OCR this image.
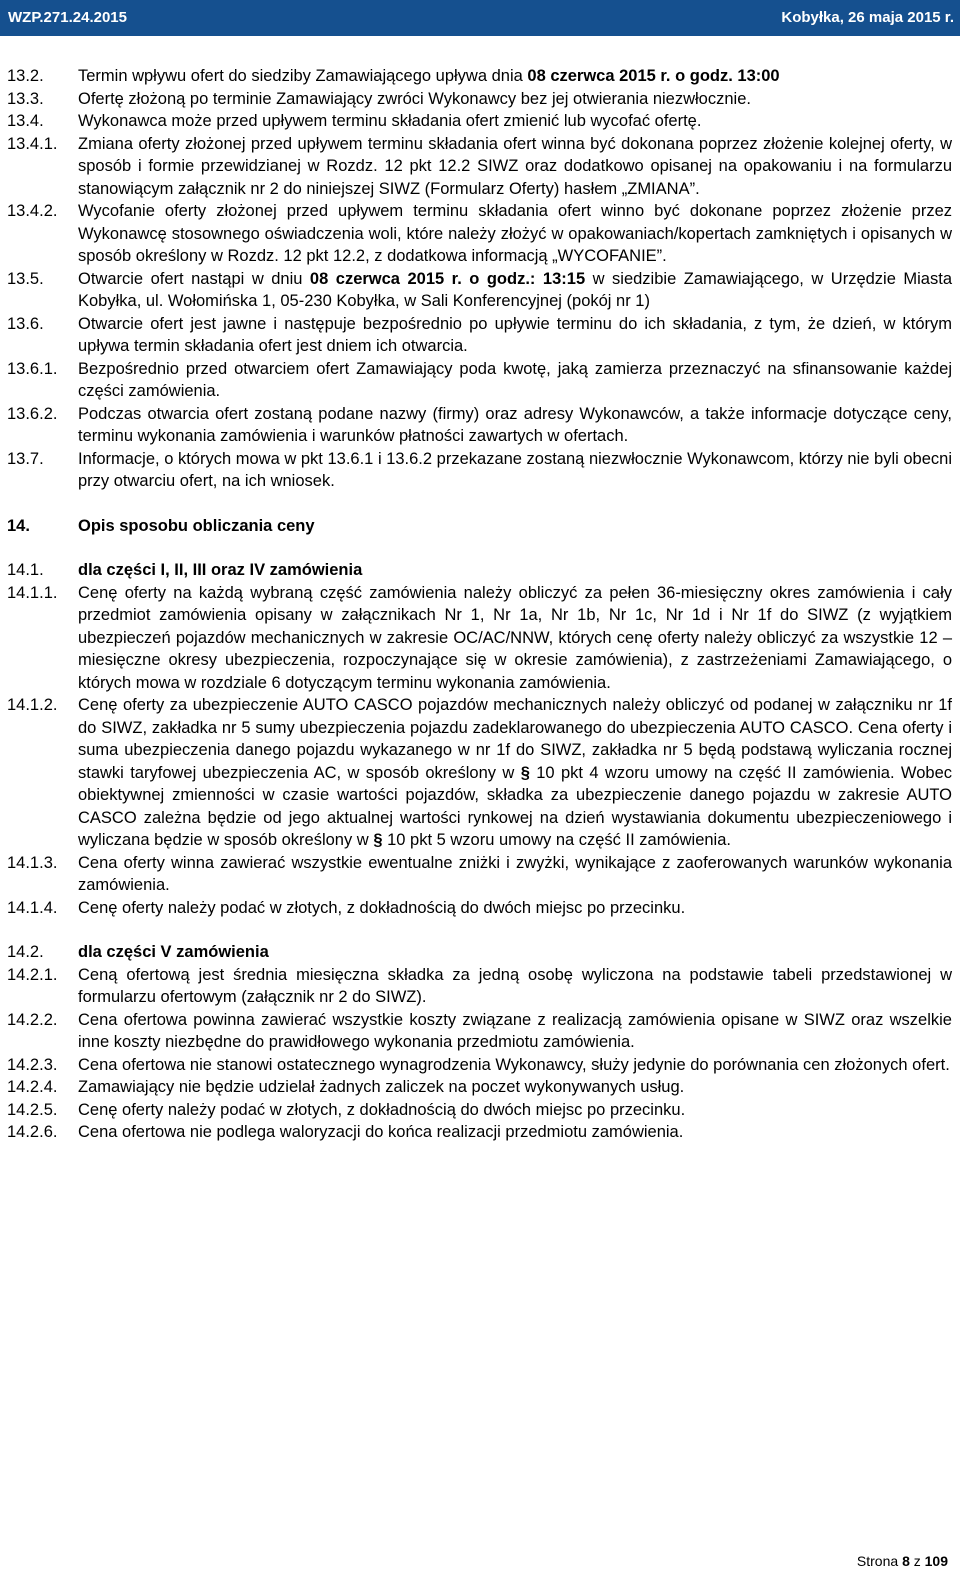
WZP.271.24.2015	Kobyłka, 26 maja 2015 r.
13.2.	Termin wpływu ofert do siedziby Zamawiającego upływa dnia 08 czerwca 2015 r. o godz. 13:00
13.3.	Ofertę złożoną po terminie Zamawiający zwróci Wykonawcy bez jej otwierania niezwłocznie.
13.4.	Wykonawca może przed upływem terminu składania ofert zmienić lub wycofać ofertę.
13.4.1.	Zmiana oferty złożonej przed upływem terminu składania ofert winna być dokonana poprzez złożenie kolejnej oferty, w sposób i formie przewidzianej w Rozdz. 12 pkt 12.2 SIWZ oraz dodatkowo opisanej na opakowaniu i na formularzu stanowiącym załącznik nr 2 do niniejszej SIWZ (Formularz Oferty) hasłem „ZMIANA”.
13.4.2.	Wycofanie oferty złożonej przed upływem terminu składania ofert winno być dokonane poprzez złożenie przez Wykonawcę stosownego oświadczenia woli, które należy złożyć w opakowaniach/kopertach zamkniętych i opisanych w sposób określony w Rozdz. 12 pkt 12.2, z dodatkowa informacją „WYCOFANIE”.
13.5.	Otwarcie ofert nastąpi w dniu 08 czerwca 2015 r. o godz.: 13:15 w siedzibie Zamawiającego, w Urzędzie Miasta Kobyłka, ul. Wołomińska 1, 05-230 Kobyłka, w Sali Konferencyjnej (pokój nr 1)
13.6.	Otwarcie ofert jest jawne i następuje bezpośrednio po upływie terminu do ich składania, z tym, że dzień, w którym upływa termin składania ofert jest dniem ich otwarcia.
13.6.1.	Bezpośrednio przed otwarciem ofert Zamawiający poda kwotę, jaką zamierza przeznaczyć na sfinansowanie każdej części zamówienia.
13.6.2.	Podczas otwarcia ofert zostaną podane nazwy (firmy) oraz adresy Wykonawców, a także informacje dotyczące ceny, terminu wykonania zamówienia i warunków płatności zawartych w ofertach.
13.7.	Informacje, o których mowa w pkt 13.6.1 i 13.6.2 przekazane zostaną niezwłocznie Wykonawcom, którzy nie byli obecni przy otwarciu ofert, na ich wniosek.
14.	Opis sposobu obliczania ceny
14.1.	dla części I, II, III oraz IV zamówienia
14.1.1.	Cenę oferty na każdą wybraną część zamówienia należy obliczyć za pełen 36-miesięczny okres zamówienia i cały przedmiot zamówienia opisany w załącznikach Nr 1, Nr 1a, Nr 1b, Nr 1c, Nr 1d i Nr 1f do SIWZ (z wyjątkiem ubezpieczeń pojazdów mechanicznych w zakresie OC/AC/NNW, których cenę oferty należy obliczyć za wszystkie 12 – miesięczne okresy ubezpieczenia, rozpoczynające się w okresie zamówienia), z zastrzeżeniami Zamawiającego, o których mowa w rozdziale 6 dotyczącym terminu wykonania zamówienia.
14.1.2.	Cenę oferty za ubezpieczenie AUTO CASCO pojazdów mechanicznych należy obliczyć od podanej w załączniku nr 1f do SIWZ, zakładka nr 5 sumy ubezpieczenia pojazdu zadeklarowanego do ubezpieczenia AUTO CASCO. Cena oferty i suma ubezpieczenia danego pojazdu wykazanego w nr 1f do SIWZ, zakładka nr 5 będą podstawą wyliczania rocznej stawki taryfowej ubezpieczenia AC, w sposób określony w § 10 pkt 4 wzoru umowy na część II zamówienia. Wobec obiektywnej zmienności w czasie wartości pojazdów, składka za ubezpieczenie danego pojazdu w zakresie AUTO CASCO zależna będzie od jego aktualnej wartości rynkowej na dzień wystawiania dokumentu ubezpieczeniowego i wyliczana będzie w sposób określony w § 10 pkt 5 wzoru umowy na część II zamówienia.
14.1.3.	Cena oferty winna zawierać wszystkie ewentualne zniżki i zwyżki, wynikające z zaoferowanych warunków wykonania zamówienia.
14.1.4.	Cenę oferty należy podać w złotych, z dokładnością do dwóch miejsc po przecinku.
14.2.	dla części V zamówienia
14.2.1.	Ceną ofertową jest średnia miesięczna składka za jedną osobę wyliczona na podstawie tabeli przedstawionej w formularzu ofertowym (załącznik nr 2 do SIWZ).
14.2.2.	Cena ofertowa powinna zawierać wszystkie koszty związane z realizacją zamówienia opisane w SIWZ oraz wszelkie inne koszty niezbędne do prawidłowego wykonania przedmiotu zamówienia.
14.2.3.	Cena ofertowa nie stanowi ostatecznego wynagrodzenia Wykonawcy, służy jedynie do porównania cen złożonych ofert.
14.2.4.	Zamawiający nie będzie udzielał żadnych zaliczek na poczet wykonywanych usług.
14.2.5.	Cenę oferty należy podać w złotych, z dokładnością do dwóch miejsc po przecinku.
14.2.6.	Cena ofertowa nie podlega waloryzacji do końca realizacji przedmiotu zamówienia.
Strona 8 z 109
